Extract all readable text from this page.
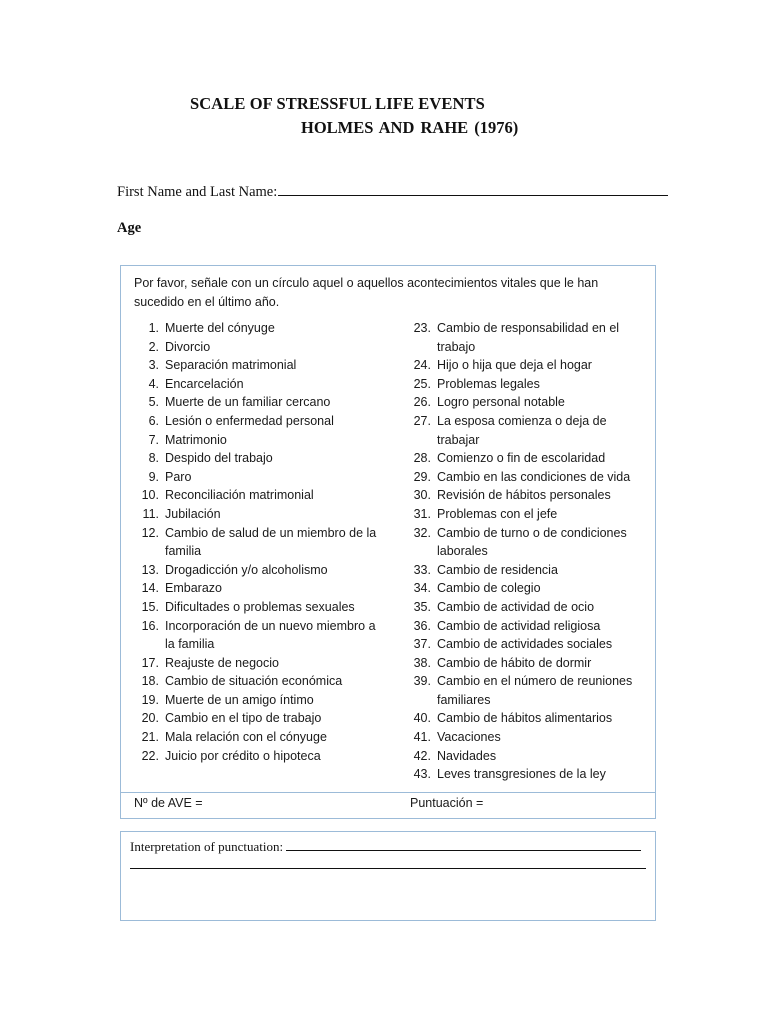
SCALE OF STRESSFUL LIFE EVENTS
HOLMES AND RAHE (1976)
First Name and Last Name:
Age
Por favor, señale con un círculo aquel o aquellos acontecimientos vitales que le han sucedido en el último año.
1. Muerte del cónyuge
2. Divorcio
3. Separación matrimonial
4. Encarcelación
5. Muerte de un familiar cercano
6. Lesión o enfermedad personal
7. Matrimonio
8. Despido del trabajo
9. Paro
10. Reconciliación matrimonial
11. Jubilación
12. Cambio de salud de un miembro de la familia
13. Drogadicción y/o alcoholismo
14. Embarazo
15. Dificultades o problemas sexuales
16. Incorporación de un nuevo miembro a la familia
17. Reajuste de negocio
18. Cambio de situación económica
19. Muerte de un amigo íntimo
20. Cambio en el tipo de trabajo
21. Mala relación con el cónyuge
22. Juicio por crédito o hipoteca
23. Cambio de responsabilidad en el trabajo
24. Hijo o hija que deja el hogar
25. Problemas legales
26. Logro personal notable
27. La esposa comienza o deja de trabajar
28. Comienzo o fin de escolaridad
29. Cambio en las condiciones de vida
30. Revisión de hábitos personales
31. Problemas con el jefe
32. Cambio de turno o de condiciones laborales
33. Cambio de residencia
34. Cambio de colegio
35. Cambio de actividad de ocio
36. Cambio de actividad religiosa
37. Cambio de actividades sociales
38. Cambio de hábito de dormir
39. Cambio en el número de reuniones familiares
40. Cambio de hábitos alimentarios
41. Vacaciones
42. Navidades
43. Leves transgresiones de la ley
Nº de AVE =	Puntuación =
Interpretation of punctuation:
